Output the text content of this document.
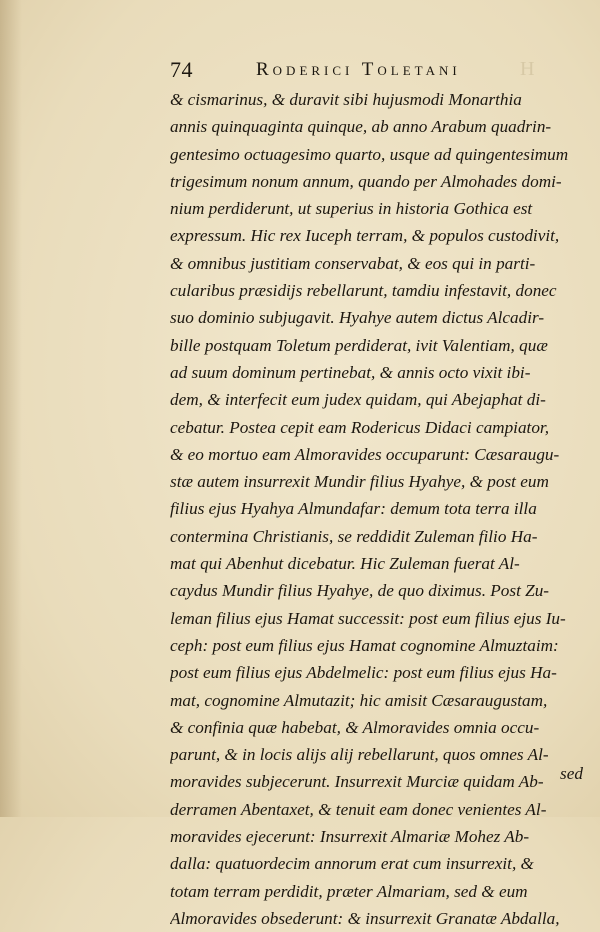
74	Roderici Toletani	H
& cismarinus, & duravit sibi hujusmodi Monarthia
annis quinquaginta quinque, ab anno Arabum quadrin-
gentesimo octuagesimo quarto, usque ad quingentesimum
trigesimum nonum annum, quando per Almohades domi-
nium perdiderunt, ut superius in historia Gothica est
expressum. Hic rex Iuceph terram, & populos custodivit,
& omnibus justitiam conservabat, & eos qui in parti-
cularibus præsidijs rebellarunt, tamdiu infestavit, donec
suo dominio subjugavit. Hyahye autem dictus Alcadir-
bille postquam Toletum perdiderat, ivit Valentiam, quæ
ad suum dominum pertinebat, & annis octo vixit ibi-
dem, & interfecit eum judex quidam, qui Abejaphat di-
cebatur. Postea cepit eam Rodericus Didaci campiator,
& eo mortuo eam Almoravides occuparunt: Cæsaraugu-
stæ autem insurrexit Mundir filius Hyahye, & post eum
filius ejus Hyahya Almundafar: demum tota terra illa
contermina Christianis, se reddidit Zuleman filio Ha-
mat qui Abenhut dicebatur. Hic Zuleman fuerat Al-
caydus Mundir filius Hyahye, de quo diximus. Post Zu-
leman filius ejus Hamat successit: post eum filius ejus Iu-
ceph: post eum filius ejus Hamat cognomine Almuztaim:
post eum filius ejus Abdelmelic: post eum filius ejus Ha-
mat, cognomine Almutazit; hic amisit Cæsaraugustam,
& confinia quæ habebat, & Almoravides omnia occu-
parunt, & in locis alijs alij rebellarunt, quos omnes Al-
moravides subjecerunt. Insurrexit Murciæ quidam Ab-
derramen Abentaxet, & tenuit eam donec venientes Al-
moravides ejecerunt: Insurrexit Almariæ Mohez Ab-
dalla: quatuordecim annorum erat cum insurrexit, &
totam terram perdidit, præter Almariam, sed & eum
Almoravides obsederunt: & insurrexit Granatæ Abdalla,
sed
